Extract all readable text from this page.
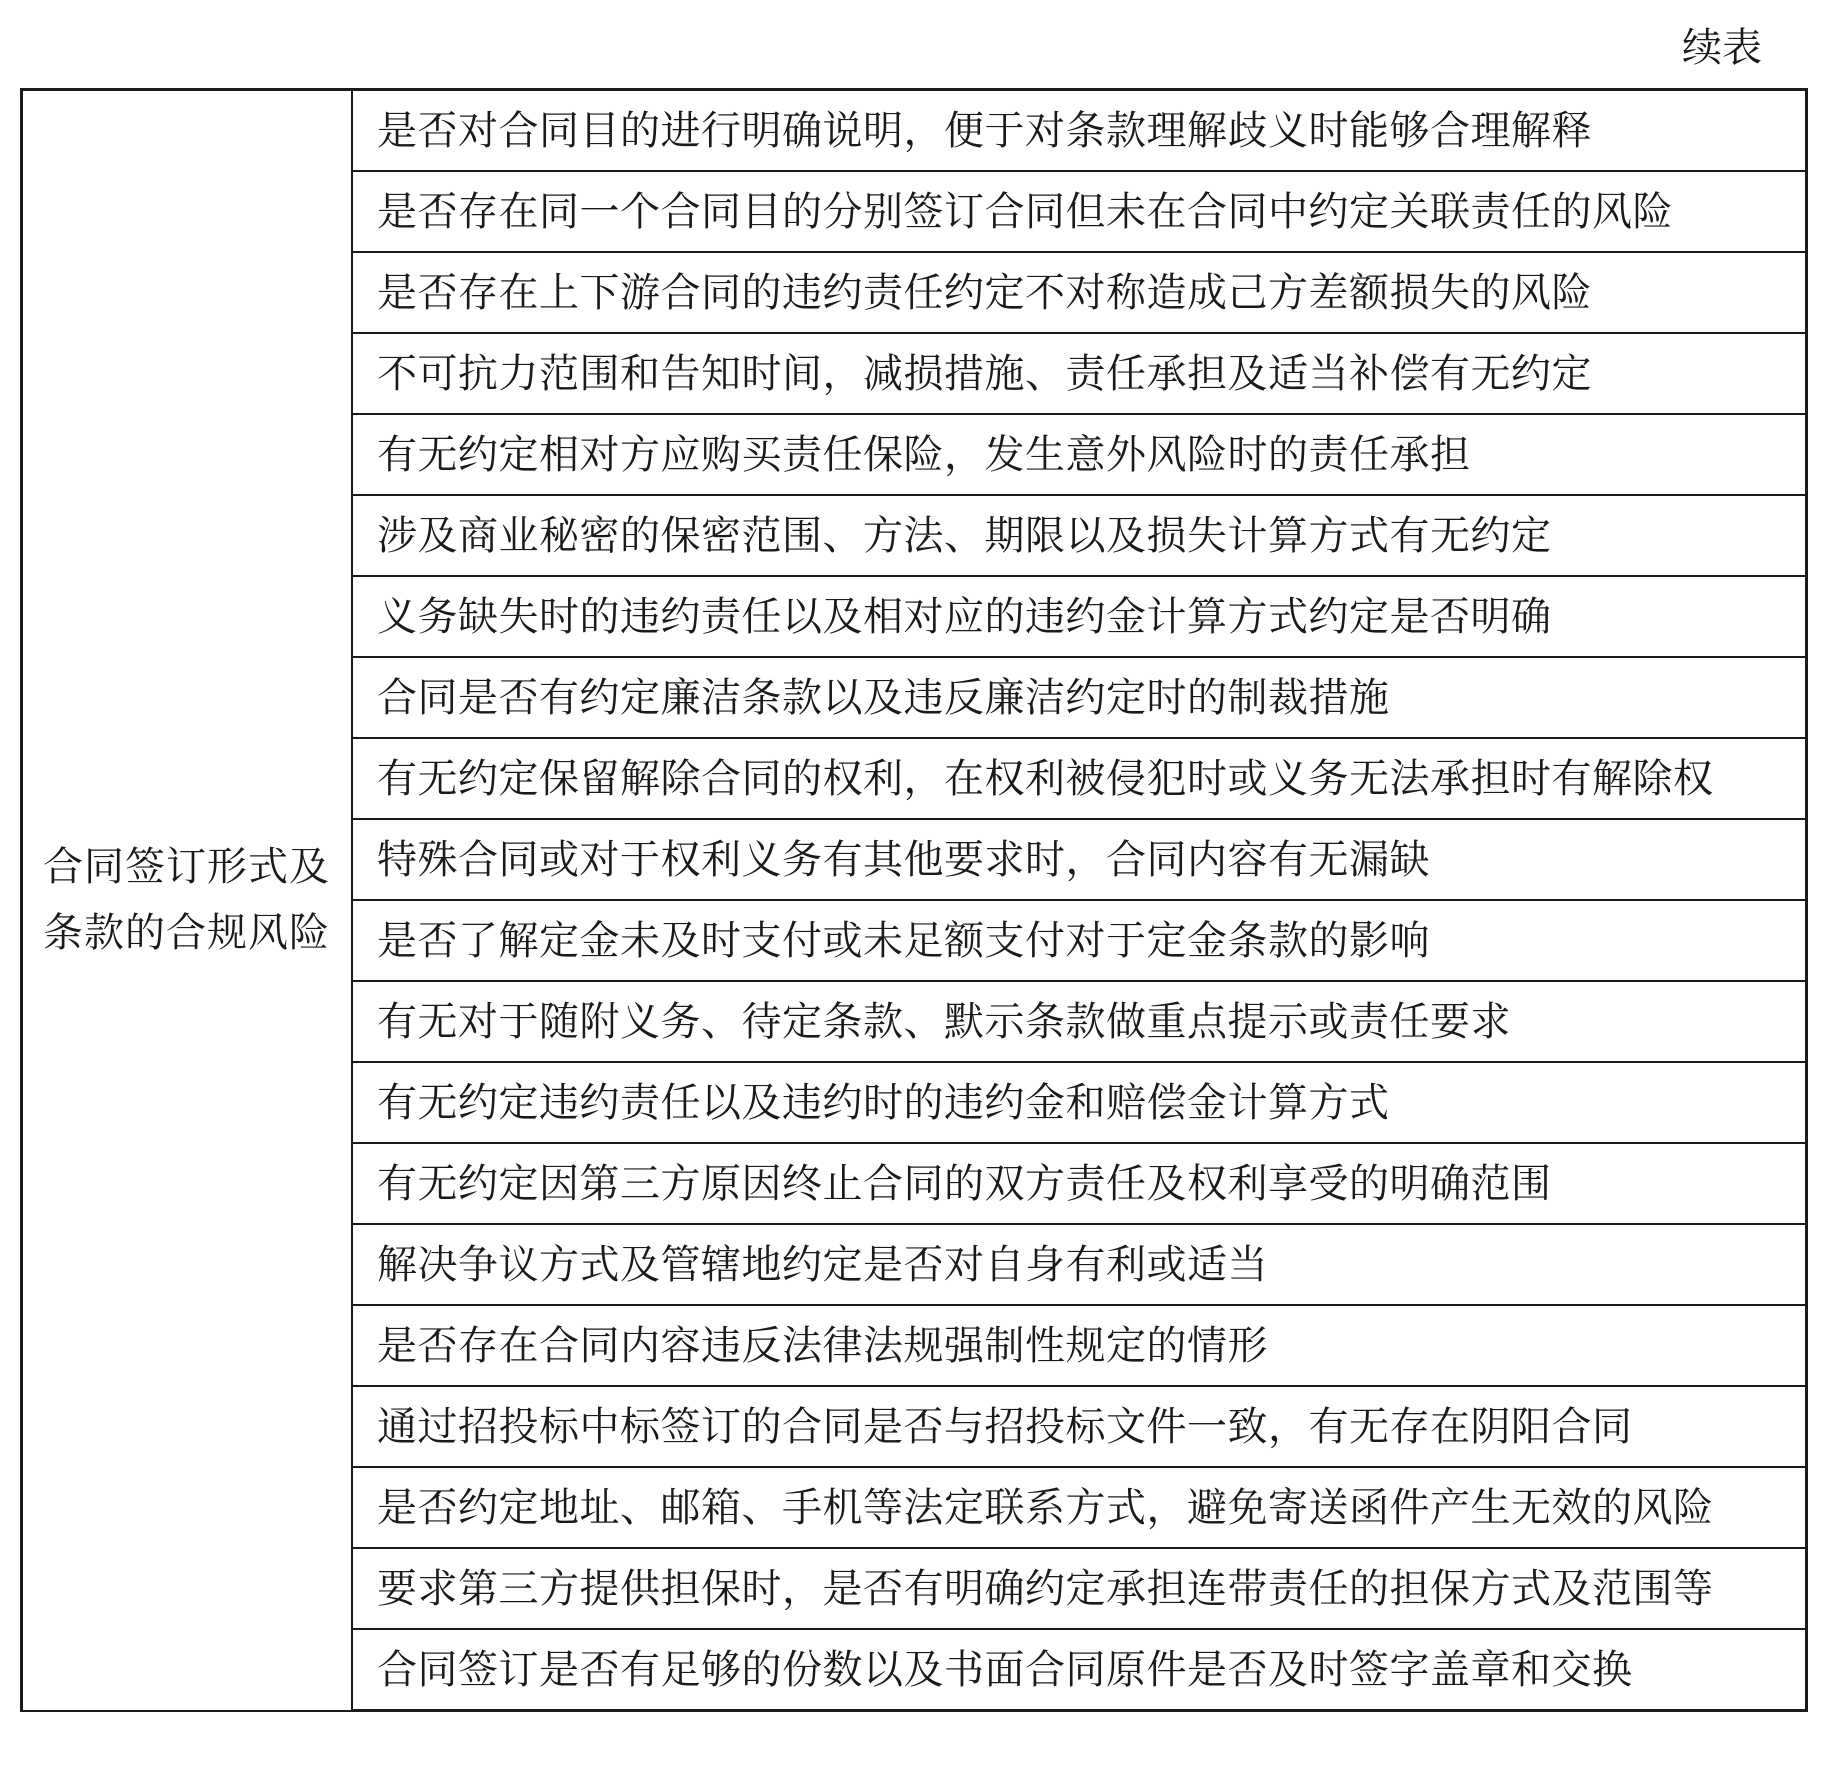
续表
合同签订形式及条款的合规风险	是否对合同目的进行明确说明，便于对条款理解歧义时能够合理解释
是否存在同一个合同目的分别签订合同但未在合同中约定关联责任的风险
是否存在上下游合同的违约责任约定不对称造成己方差额损失的风险
不可抗力范围和告知时间，减损措施、责任承担及适当补偿有无约定
有无约定相对方应购买责任保险，发生意外风险时的责任承担
涉及商业秘密的保密范围、方法、期限以及损失计算方式有无约定
义务缺失时的违约责任以及相对应的违约金计算方式约定是否明确
合同是否有约定廉洁条款以及违反廉洁约定时的制裁措施
有无约定保留解除合同的权利，在权利被侵犯时或义务无法承担时有解除权
特殊合同或对于权利义务有其他要求时，合同内容有无漏缺
是否了解定金未及时支付或未足额支付对于定金条款的影响
有无对于随附义务、待定条款、默示条款做重点提示或责任要求
有无约定违约责任以及违约时的违约金和赔偿金计算方式
有无约定因第三方原因终止合同的双方责任及权利享受的明确范围
解决争议方式及管辖地约定是否对自身有利或适当
是否存在合同内容违反法律法规强制性规定的情形
通过招投标中标签订的合同是否与招投标文件一致，有无存在阴阳合同
是否约定地址、邮箱、手机等法定联系方式，避免寄送函件产生无效的风险
要求第三方提供担保时，是否有明确约定承担连带责任的担保方式及范围等
合同签订是否有足够的份数以及书面合同原件是否及时签字盖章和交换
